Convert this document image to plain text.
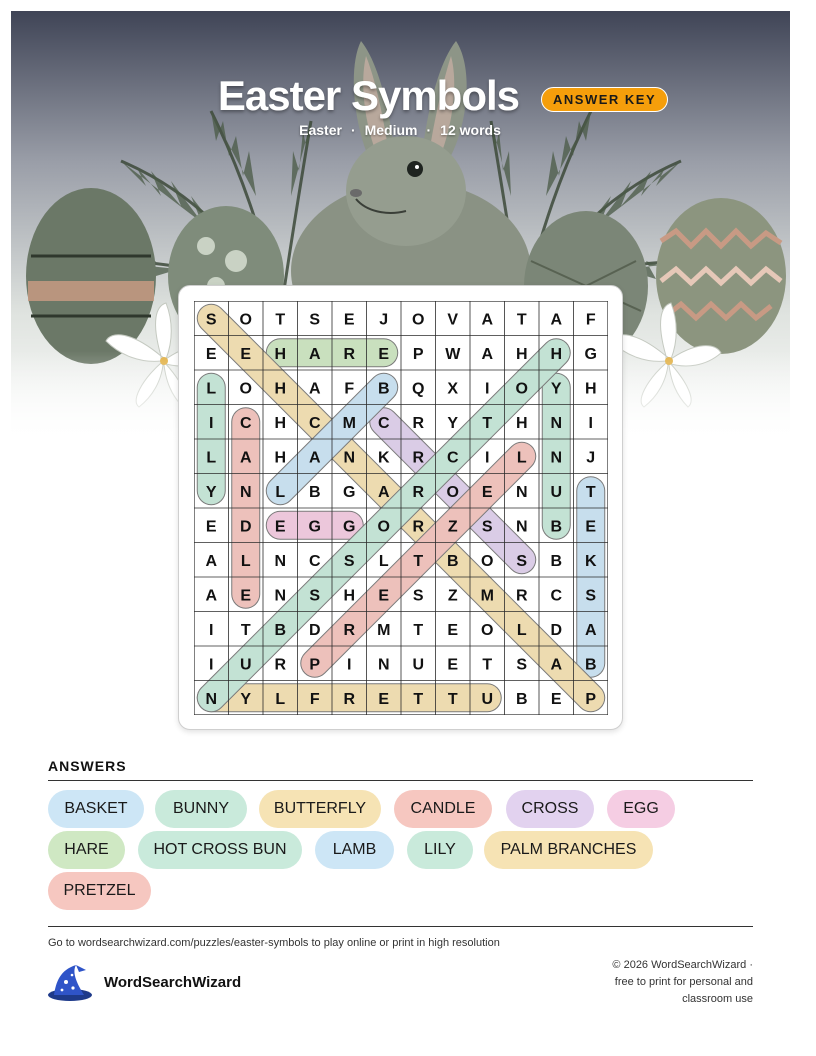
Easter Symbols	ANSWER KEY
Easter · Medium · 12 words
S O T S E J O V A T A F
E E H A R E P W A H H G
L O H A F B Q X I O Y H
I C H C M C R Y T H N I
L A H A N K R C I L N J
Y N L B G A R O E N U T
E D E G G O R Z S N B E
A L N C S L T B O S B K
A E N S H E S Z M R C S
I T B D R M T E O L D A
I U R P I N U E T S A B
N Y L F R E T T U B E P
ANSWERS
BASKET	BUNNY	BUTTERFLY	CANDLE	CROSS	EGG
HARE	HOT CROSS BUN	LAMB	LILY	PALM BRANCHES
PRETZEL
Go to wordsearchwizard.com/puzzles/easter-symbols to play online or print in high resolution
WordSearchWizard
© 2026 WordSearchWizard ·
free to print for personal and
classroom use
